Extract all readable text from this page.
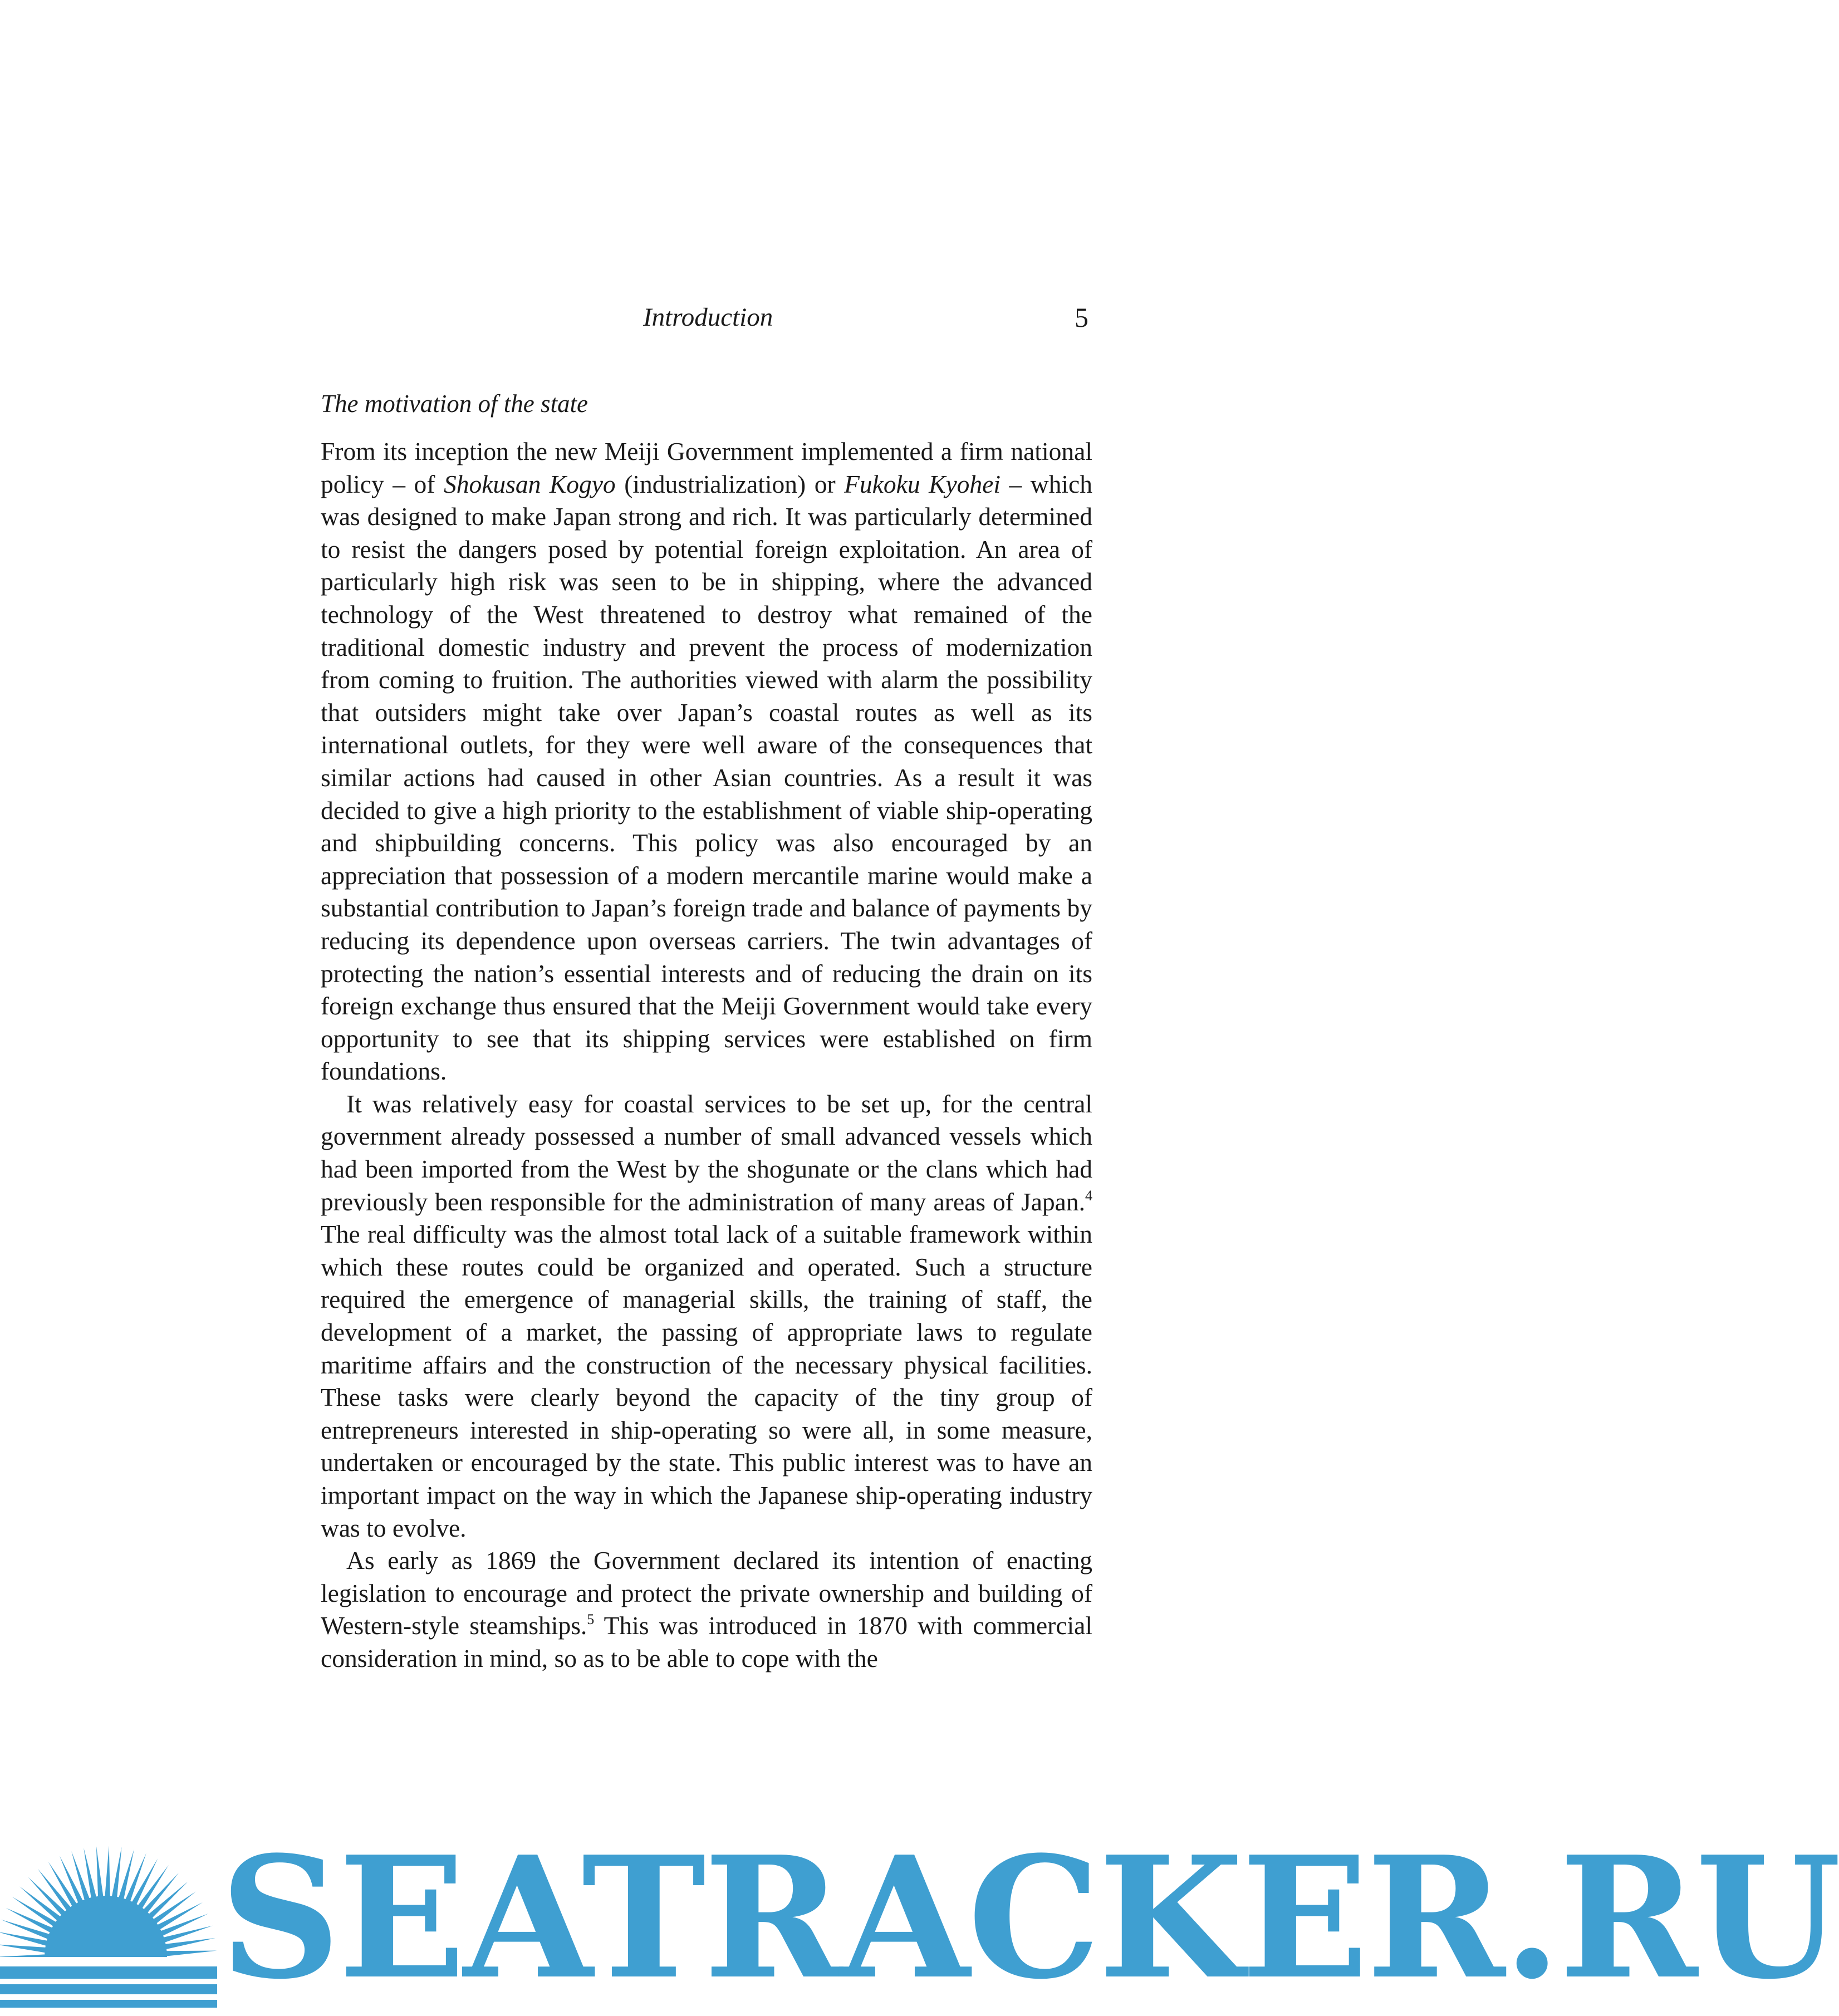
Introduction	5
The motivation of the state

From its inception the new Meiji Government implemented a firm national policy – of Shokusan Kogyo (industrialization) or Fukoku Kyohei – which was designed to make Japan strong and rich. It was particularly determined to resist the dangers posed by potential foreign exploitation. An area of particularly high risk was seen to be in shipping, where the advanced technology of the West threatened to destroy what remained of the traditional domestic industry and prevent the process of modernization from coming to fruition. The authorities viewed with alarm the possibility that outsiders might take over Japan’s coastal routes as well as its international outlets, for they were well aware of the consequences that similar actions had caused in other Asian countries. As a result it was decided to give a high priority to the establishment of viable ship-operating and shipbuilding concerns. This policy was also encouraged by an appreciation that possession of a modern mercantile marine would make a substantial contribution to Japan’s foreign trade and balance of payments by reducing its dependence upon overseas carriers. The twin advantages of protecting the nation’s essential interests and of reducing the drain on its foreign exchange thus ensured that the Meiji Government would take every opportunity to see that its shipping services were established on firm foundations.

It was relatively easy for coastal services to be set up, for the central government already possessed a number of small advanced vessels which had been imported from the West by the shogunate or the clans which had previously been responsible for the administration of many areas of Japan.$^4$ The real difficulty was the almost total lack of a suitable framework within which these routes could be organized and operated. Such a structure required the emergence of managerial skills, the training of staff, the development of a market, the passing of appropriate laws to regulate maritime affairs and the construction of the necessary physical facilities. These tasks were clearly beyond the capacity of the tiny group of entrepreneurs interested in ship-operating so were all, in some measure, undertaken or encouraged by the state. This public interest was to have an important impact on the way in which the Japanese ship-operating industry was to evolve.

As early as 1869 the Government declared its intention of enacting legislation to encourage and protect the private ownership and building of Western-style steamships.$^5$ This was introduced in 1870 with commercial consideration in mind, so as to be able to cope with the

SEATRACKER.RU
